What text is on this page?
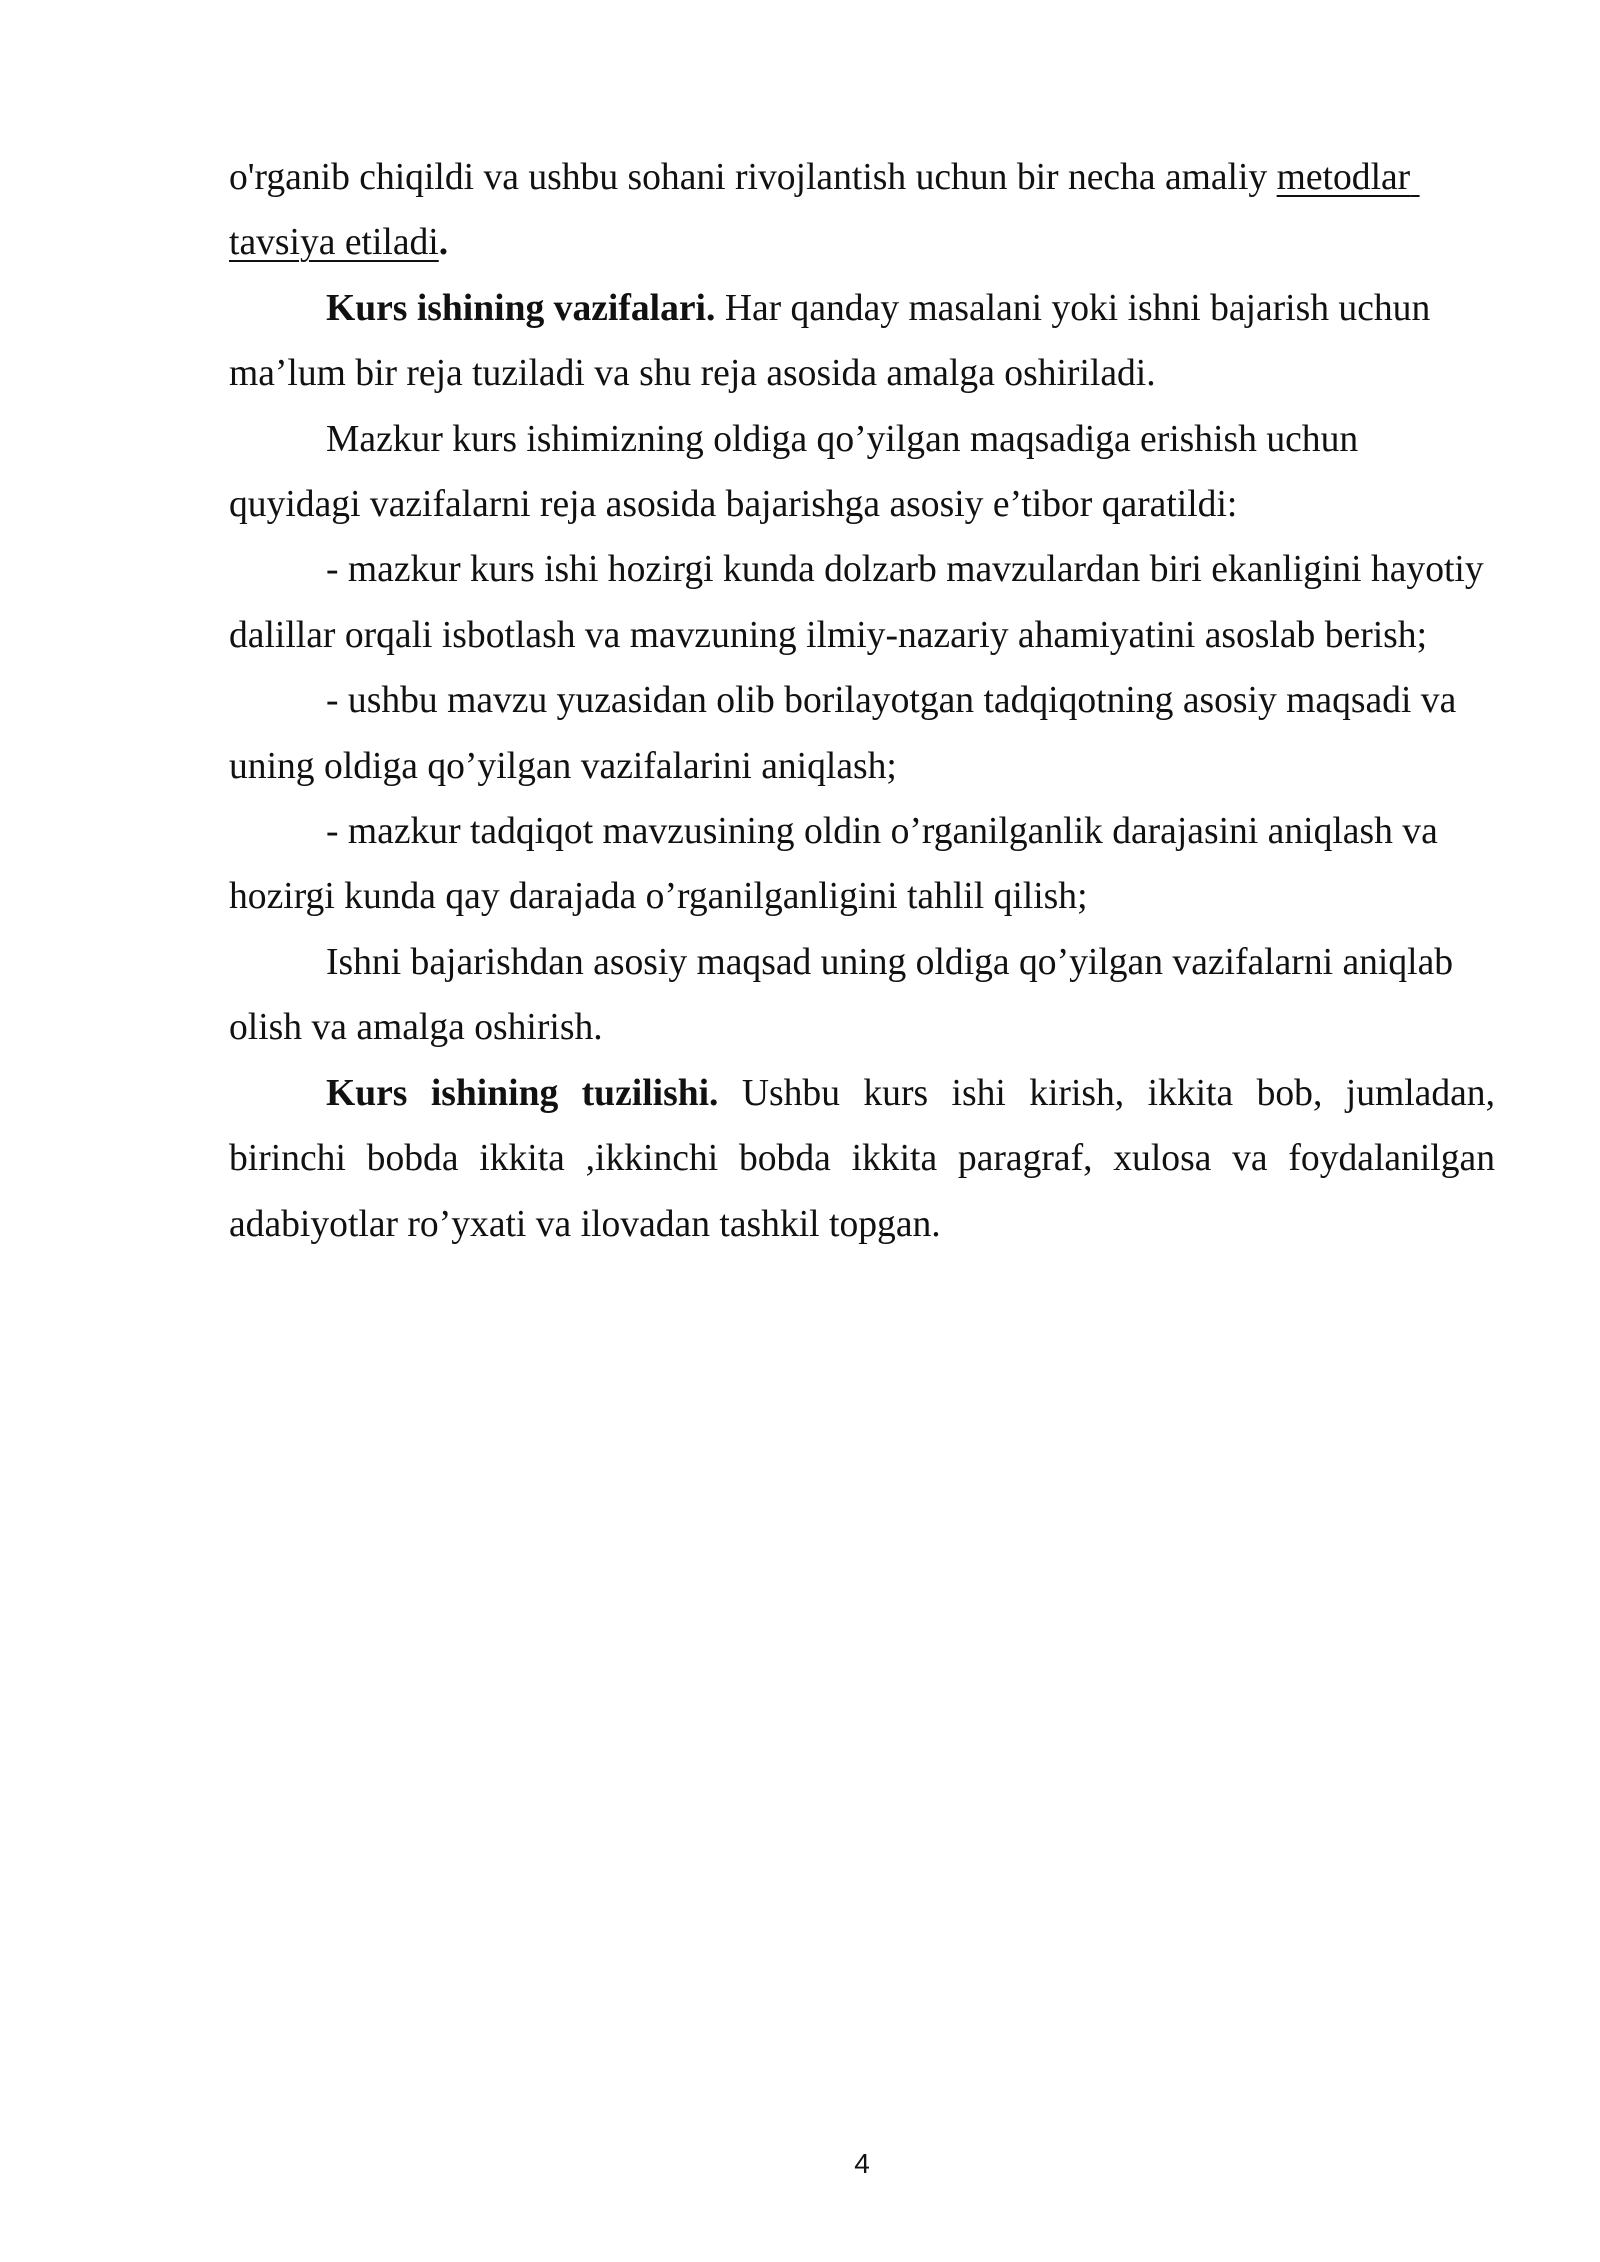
o'rganib chiqildi va ushbu sohani rivojlantish uchun bir necha amaliy metodlar
tavsiya etiladi.
Kurs ishining vazifalari. Har qanday masalani yoki ishni bajarish uchun
ma’lum bir reja tuziladi va shu reja asosida amalga oshiriladi.
Mazkur kurs ishimizning oldiga qo’yilgan maqsadiga erishish uchun
quyidagi vazifalarni reja asosida bajarishga asosiy e’tibor qaratildi:
- mazkur kurs ishi hozirgi kunda dolzarb mavzulardan biri ekanligini hayotiy
dalillar orqali isbotlash va mavzuning ilmiy-nazariy ahamiyatini asoslab berish;
- ushbu mavzu yuzasidan olib borilayotgan tadqiqotning asosiy maqsadi va
uning oldiga qo’yilgan vazifalarini aniqlash;
- mazkur tadqiqot mavzusining oldin o’rganilganlik darajasini aniqlash va
hozirgi kunda qay darajada o’rganilganligini tahlil qilish;
Ishni bajarishdan asosiy maqsad uning oldiga qo’yilgan vazifalarni aniqlab
olish va amalga oshirish.
Kurs ishining tuzilishi. Ushbu kurs ishi kirish, ikkita bob, jumladan,
birinchi bobda ikkita ,ikkinchi bobda ikkita paragraf, xulosa va foydalanilgan
adabiyotlar ro’yxati va ilovadan tashkil topgan.
4
